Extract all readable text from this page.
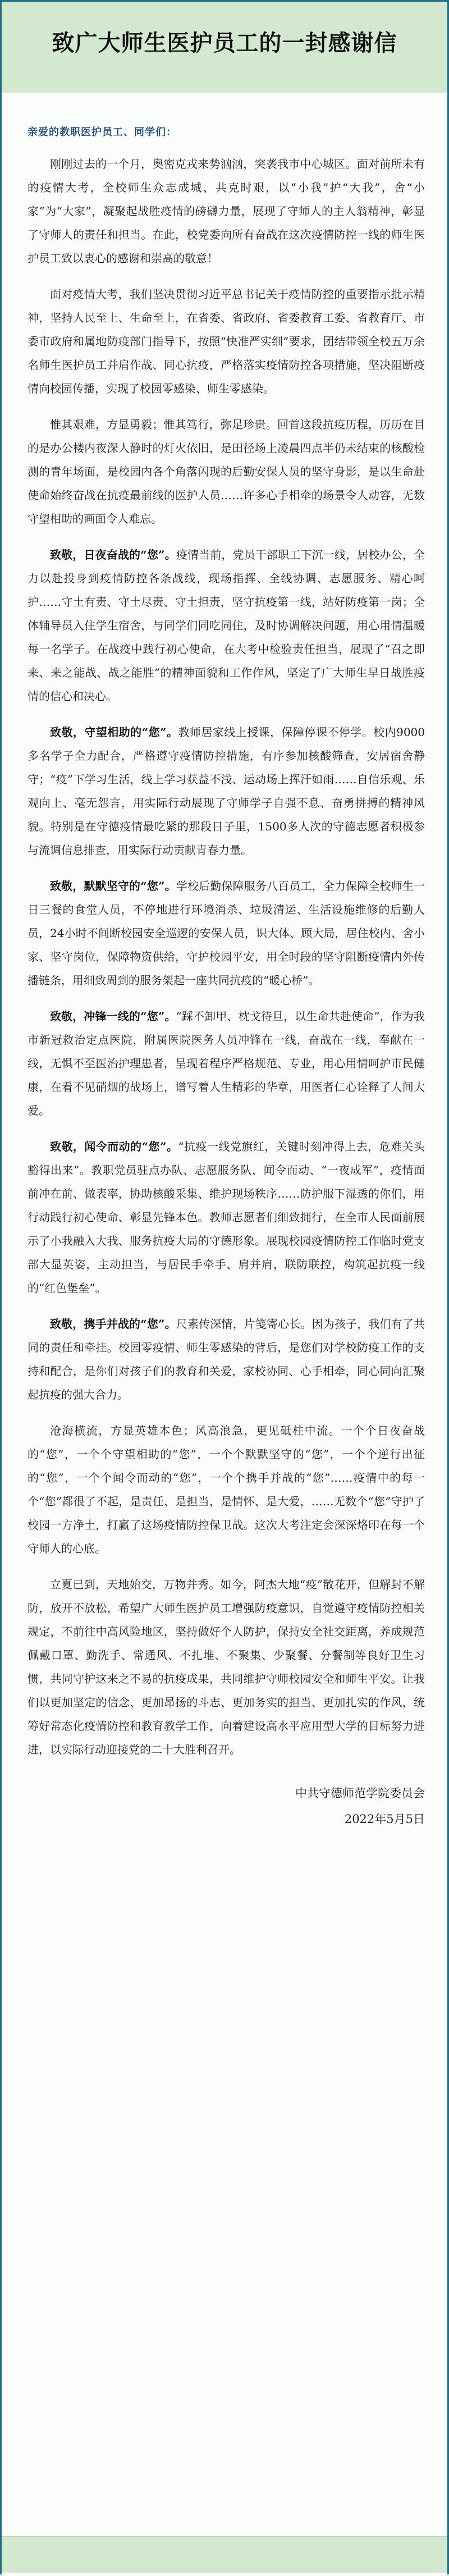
致广大师生医护员工的一封感谢信
亲爱的教职医护员工、同学们：

刚刚过去的一个月，奥密克戎来势汹汹，突袭我市中心城区。面对前所未有的疫情大考，全校师生众志成城、共克时艰，以“小我”护“大我”，舍“小家”为“大家”，凝聚起战胜疫情的磅礴力量，展现了守师人的主人翁精神，彰显了守师人的责任和担当。在此，校党委向所有奋战在这次疫情防控一线的师生医护员工致以衷心的感谢和崇高的敬意！

面对疫情大考，我们坚决贯彻习近平总书记关于疫情防控的重要指示批示精神，坚持人民至上、生命至上，在省委、省政府、省委教育工委、省教育厅、市委市政府和属地防疫部门指导下，按照“快准严实细”要求，团结带领全校五万余名师生医护员工并肩作战、同心抗疫，严格落实疫情防控各项措施，坚决阻断疫情向校园传播，实现了校园零感染、师生零感染。

惟其艰难，方显勇毅；惟其笃行，弥足珍贵。回首这段抗疫历程，历历在目的是办公楼内夜深人静时的灯火依旧，是田径场上凌晨四点半仍未结束的核酸检测的青年场面，是校园内各个角落闪现的后勤安保人员的坚守身影，是以生命赴使命始终奋战在抗疫最前线的医护人员……许多心手相牵的场景令人动容，无数守望相助的画面令人难忘。

致敬，日夜奋战的“您”。疫情当前，党员干部职工下沉一线，居校办公，全力以赴投身到疫情防控各条战线，现场指挥、全线协调、志愿服务、精心呵护……守土有责、守土尽责、守土担责，坚守抗疫第一线，站好防疫第一岗；全体辅导员入住学生宿舍，与同学们同吃同住，及时协调解决问题，用心用情温暖每一名学子。在战疫中践行初心使命，在大考中检验责任担当，展现了“召之即来、来之能战、战之能胜”的精神面貌和工作作风，坚定了广大师生早日战胜疫情的信心和决心。

致敬，守望相助的“您”。教师居家线上授课，保障停课不停学。校内9000多名学子全力配合，严格遵守疫情防控措施，有序参加核酸筛查，安居宿舍静守；“疫”下学习生活，线上学习获益不浅、运动场上挥汗如雨……自信乐观、乐观向上、毫无怨言，用实际行动展现了守师学子自强不息、奋勇拼搏的精神风貌。特别是在守德疫情最吃紧的那段日子里，1500多人次的守德志愿者积极参与流调信息排查，用实际行动贡献青春力量。

致敬，默默坚守的“您”。学校后勤保障服务八百员工，全力保障全校师生一日三餐的食堂人员，不停地进行环境消杀、垃圾清运、生活设施维修的后勤人员，24小时不间断校园安全巡逻的安保人员，识大体、顾大局，居住校内、舍小家、坚守岗位，保障物资供给，守护校园平安，用全时段的坚守阻断疫情内外传播链条，用细致周到的服务架起一座共同抗疫的“暖心桥”。

致敬，冲锋一线的“您”。“踩不卸甲、枕戈待旦，以生命共赴使命”，作为我市新冠救治定点医院，附属医院医务人员冲锋在一线，奋战在一线，奉献在一线，无惧不至医治护理患者，呈现着程序严格规范、专业，用心用情呵护市民健康，在看不见硝烟的战场上，谱写着人生精彩的华章，用医者仁心诠释了人间大爱。

致敬，闻令而动的“您”。“抗疫一线党旗红，关键时刻冲得上去，危难关头豁得出来”。教职党员驻点办队、志愿服务队，闻令而动、“一夜成军”，疫情面前冲在前、做表率，协助核酸采集、维护现场秩序……防护服下湿透的你们，用行动践行初心使命、彰显先锋本色。教师志愿者们细致拥行，在全市人民面前展示了小我融入大我、服务抗疫大局的守德形象。展现校园疫情防控工作临时党支部大显英姿，主动担当，与居民手牵手、肩并肩，联防联控，构筑起抗疫一线的“红色堡垒”。

致敬，携手并战的“您”。尺素传深情，片笺寄心长。因为孩子，我们有了共同的责任和牵挂。校园零疫情、师生零感染的背后，是您们对学校防疫工作的支持和配合，是你们对孩子们的教育和关爱，家校协同、心手相牵，同心同向汇聚起抗疫的强大合力。

沧海横流，方显英雄本色；风高浪急，更见砥柱中流。一个个日夜奋战的“您”，一个个守望相助的“您”，一个个默默坚守的“您”，一个个逆行出征的“您”，一个个闻令而动的“您”，一个个携手并战的“您”……疫情中的每一个“您”都很了不起，是责任、是担当，是情怀、是大爱，……无数个“您”守护了校园一方净土，打赢了这场疫情防控保卫战。这次大考注定会深深烙印在每一个守师人的心底。

立夏已到，天地始交，万物并秀。如今，阿杰大地“疫”散花开，但解封不解防，放开不放松，希望广大师生医护员工增强防疫意识，自觉遵守疫情防控相关规定，不前往中高风险地区，坚持做好个人防护，保持安全社交距离，养成规范佩戴口罩、勤洗手、常通风、不扎堆、不聚集、少聚餐、分餐制等良好卫生习惯，共同守护这来之不易的抗疫成果，共同维护守师校园安全和师生平安。让我们以更加坚定的信念、更加昂扬的斗志、更加务实的担当、更加扎实的作风，统筹好常态化疫情防控和教育教学工作，向着建设高水平应用型大学的目标努力进进，以实际行动迎接党的二十大胜利召开。

中共守德师范学院委员会
2022年5月5日
